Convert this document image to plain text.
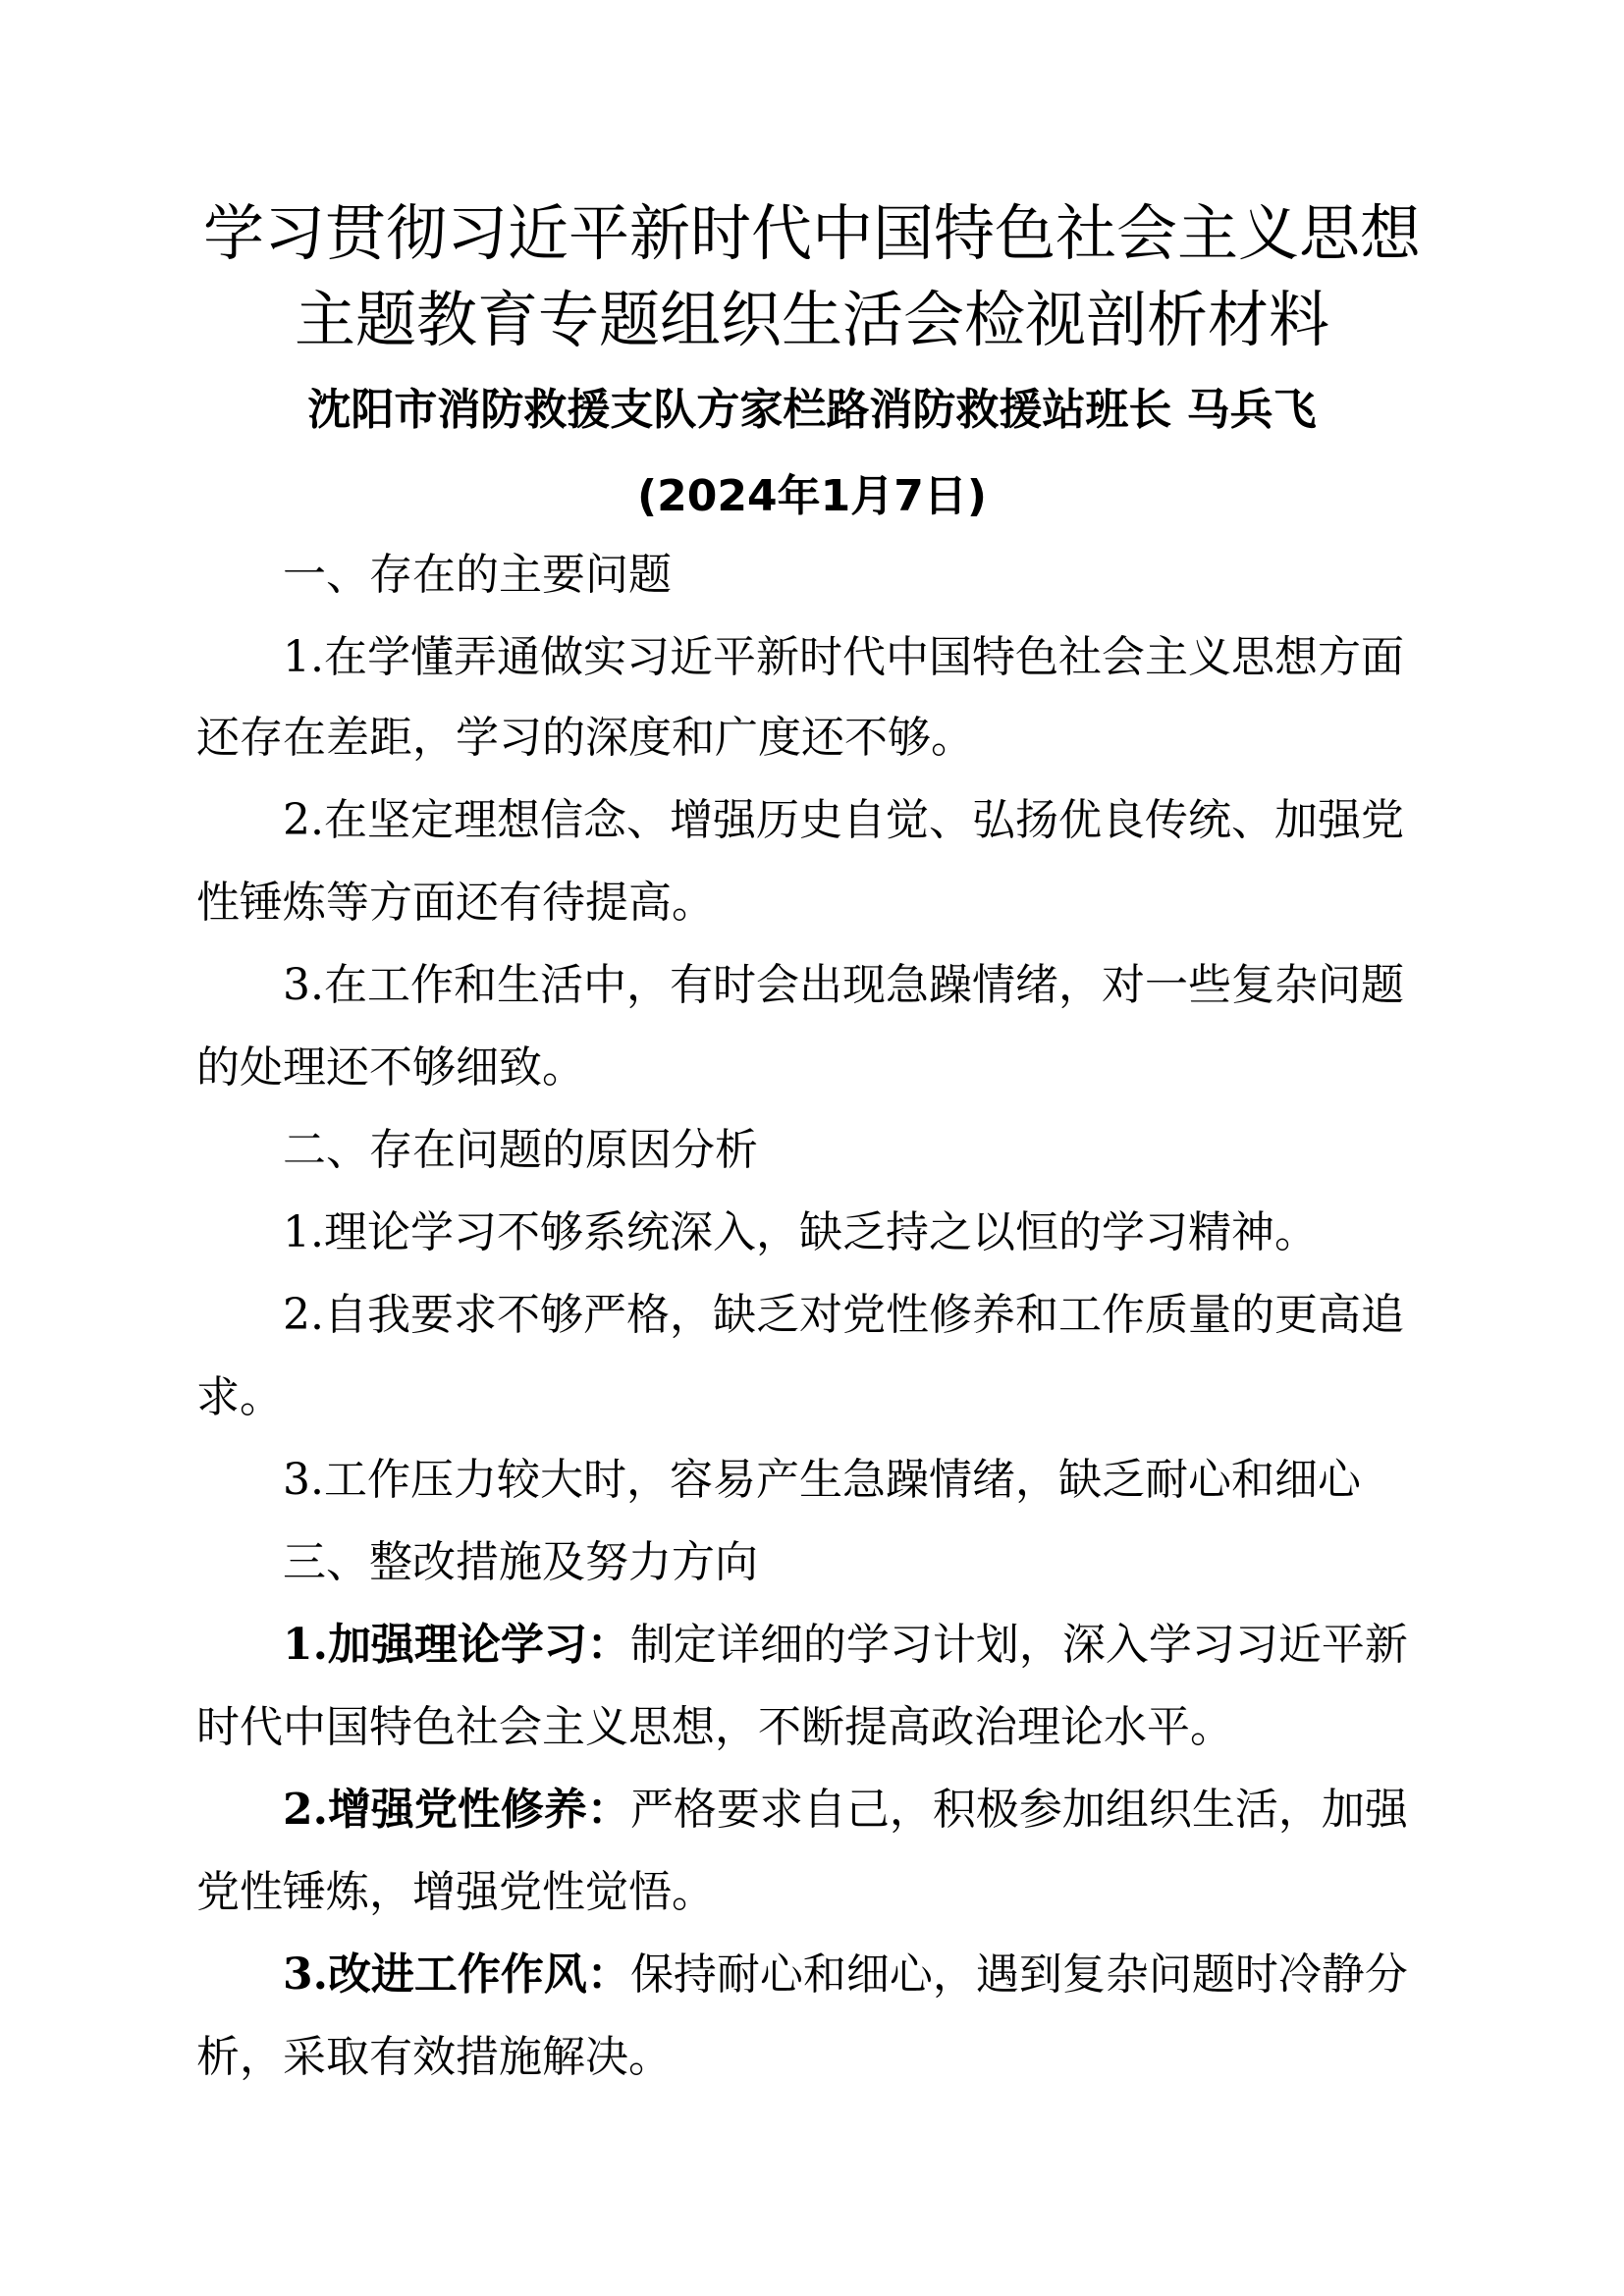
学习贯彻习近平新时代中国特色社会主义思想
主题教育专题组织生活会检视剖析材料
沈阳市消防救援支队方家栏路消防救援站班长 马兵飞
(2024年1月7日)
一、存在的主要问题
1.在学懂弄通做实习近平新时代中国特色社会主义思想方面
还存在差距，学习的深度和广度还不够。
2.在坚定理想信念、增强历史自觉、弘扬优良传统、加强党
性锤炼等方面还有待提高。
3.在工作和生活中，有时会出现急躁情绪，对一些复杂问题
的处理还不够细致。
二、存在问题的原因分析
1.理论学习不够系统深入，缺乏持之以恒的学习精神。
2.自我要求不够严格，缺乏对党性修养和工作质量的更高追
求。
3.工作压力较大时，容易产生急躁情绪，缺乏耐心和细心
三、整改措施及努力方向
1.加强理论学习：制定详细的学习计划，深入学习习近平新
时代中国特色社会主义思想，不断提高政治理论水平。
2.增强党性修养：严格要求自己，积极参加组织生活，加强
党性锤炼，增强党性觉悟。
3.改进工作作风：保持耐心和细心，遇到复杂问题时冷静分
析，采取有效措施解决。
